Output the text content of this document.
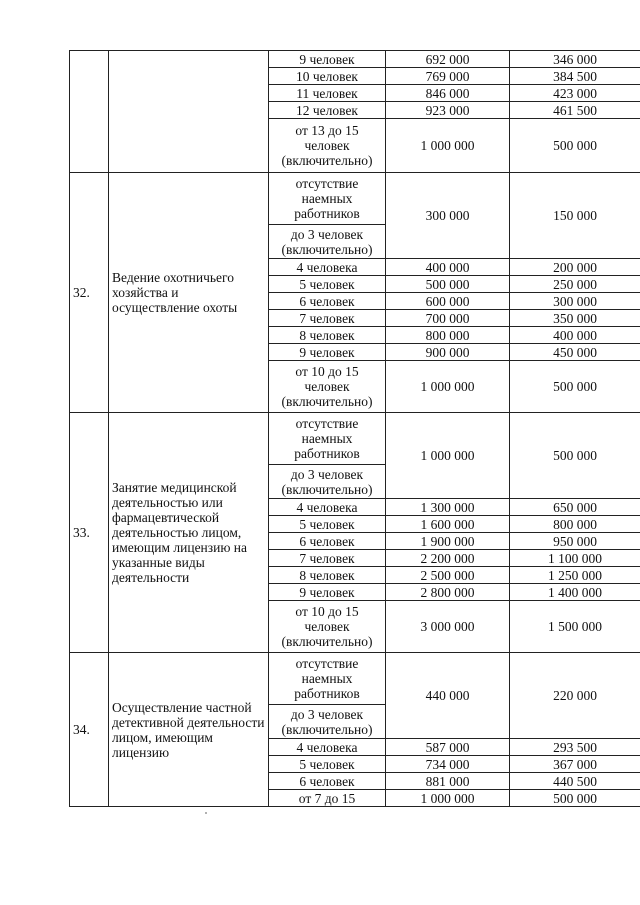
		9 человек	692 000	346 000
		10 человек	769 000	384 500
		11 человек	846 000	423 000
		12 человек	923 000	461 500
		от 13 до 15 человек (включительно)	1 000 000	500 000
32.	Ведение охотничьего хозяйства и осуществление охоты	отсутствие наемных работников	300 000	150 000
		до 3 человек (включительно)		
		4 человека	400 000	200 000
		5 человек	500 000	250 000
		6 человек	600 000	300 000
		7 человек	700 000	350 000
		8 человек	800 000	400 000
		9 человек	900 000	450 000
		от 10 до 15 человек (включительно)	1 000 000	500 000
33.	Занятие медицинской деятельностью или фармацевтической деятельностью лицом, имеющим лицензию на указанные виды деятельности	отсутствие наемных работников	1 000 000	500 000
		до 3 человек (включительно)		
		4 человека	1 300 000	650 000
		5 человек	1 600 000	800 000
		6 человек	1 900 000	950 000
		7 человек	2 200 000	1 100 000
		8 человек	2 500 000	1 250 000
		9 человек	2 800 000	1 400 000
		от 10 до 15 человек (включительно)	3 000 000	1 500 000
34.	Осуществление частной детективной деятельности лицом, имеющим лицензию	отсутствие наемных работников	440 000	220 000
		до 3 человек (включительно)		
		4 человека	587 000	293 500
		5 человек	734 000	367 000
		6 человек	881 000	440 500
		от 7 до 15	1 000 000	500 000
